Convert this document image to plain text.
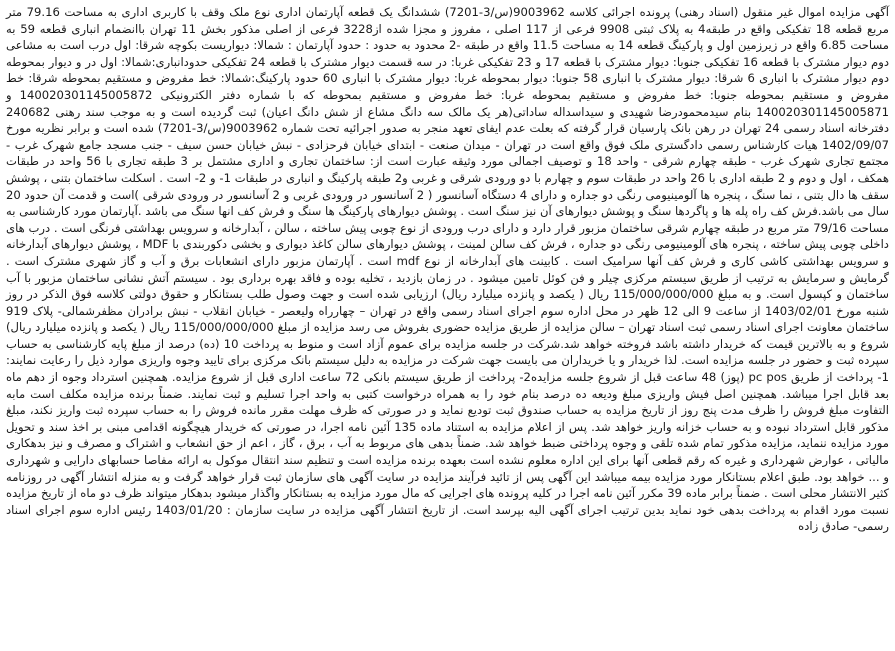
آگهی مزایده اموال غیر منقول (اسناد رهنی) پرونده اجرائی کلاسه 9003962(س/3-7201) ششدانگ یک قطعه آپارتمان اداری نوع ملک وقف با کاربری اداری به مساحت 79.16 متر مربع قطعه 18 تفکیکی واقع در طبقه4 به پلاک ثبتی 9908 فرعی از 117 اصلی ، مفروز و مجزا شده از3228 فرعی از اصلی مذکور بخش 11 تهران باانضمام انباری قطعه 59 به مساحت 6.85 واقع در زیرزمین اول و پارکینگ قطعه 14 به مساحت 11.5 واقع در طبقه -2 محدود به حدود : حدود آپارتمان : شمالا: دیواریست بکوچه شرقا: اول درب است به مشاعی دوم دیوار مشترک با قطعه 16 تفکیکی جنوبا: دیوار مشترک با قطعه 17 و 23 تفکیکی غربا: در سه قسمت دیوار مشترک با قطعه 24 تفکیکی حدودانباری:شمالا: اول در و دیوار بمحوطه دوم دیوار مشترک با انباری 6 شرقا: دیوار مشترک با انباری 58 جنوبا: دیوار بمحوطه غربا: دیوار مشترک با انباری 60 حدود پارکینگ:شمالا: خط مفروض و مستقیم بمحوطه شرقا: خط مفروض و مستقیم بمحوطه جنوبا: خط مفروض و مستقیم بمحوطه غربا: خط مفروض و مستقیم بمحوطه که با شماره دفتر الکترونیکی 140020301145005872 و 140020301145005871 بنام سیدمحمودرضا شهیدی و سیداسداله ساداتی(هر یک مالک سه دانگ مشاع از شش دانگ اعیان) ثبت گردیده است و به موجب سند رهنی 240682 دفترخانه اسناد رسمی 24 تهران در رهن بانک پارسیان قرار گرفته که بعلت عدم ایفای تعهد منجر به صدور اجرائیه تحت شماره 9003962(س/3-7201) شده است و برابر نظریه مورخ 1402/09/07 هیات کارشناس رسمی دادگستری ملک فوق واقع است در تهران - میدان صنعت - ابتدای خیابان فرحزادی - نبش خیابان حسن سیف - جنب مسجد جامع شهرک غرب - مجتمع تجاری شهرک غرب - طبقه چهارم شرقی - واحد 18 و توصیف اجمالی مورد وثیقه عبارت است از: ساختمان تجاری و اداری مشتمل بر 3 طبقه تجاری با 56 واحد در طبقات همکف ، اول و دوم و 2 طبقه اداری با 26 واحد در طبقات سوم و چهارم با دو ورودی شرقی و غربی و2 طبقه پارکینگ و انباری در طبقات 1- و 2- است . اسکلت ساختمان بتنی ، پوشش سقف ها دال بتنی ، نما سنگ ، پنجره ها آلومینیومی رنگی دو جداره و دارای 4 دستگاه آسانسور ( 2 آسانسور در ورودی غربی و 2 آسانسور در ورودی شرقی )است و قدمت آن حدود 20 سال می باشد.فرش کف راه پله ها و پاگردها سنگ و پوشش دیوارهای آن نیز سنگ است . پوشش دیوارهای پارکینگ ها سنگ و فرش کف انها سنگ می باشد .آپارتمان مورد کارشناسی به مساحت 79/16 متر مربع در طبقه چهارم شرقی ساختمان مزبور قرار دارد و دارای درب ورودی از نوع چوبی پیش ساخته ، سالن ، آبدارخانه و سرویس بهداشتی فرنگی است . درب های داخلی چوبی پیش ساخته ، پنجره های آلومینیومی رنگی دو جداره ، فرش کف سالن لمینت ، پوشش دیوارهای سالن کاغذ دیواری و بخشی دکوربندی با MDF ، پوشش دیوارهای آبدارخانه و سرویس بهداشتی کاشی کاری و فرش کف آنها سرامیک است . کابینت های آبدارخانه از نوع mdf است . آپارتمان مزبور دارای انشعابات برق و آب و گاز شهری مشترک است . گرمایش و سرمایش به ترتیب از طریق سیستم مرکزی چیلر و فن کوئل تامین میشود . در زمان بازدید ، تخلیه بوده و فاقد بهره برداری بود . سیستم آتش نشانی ساختمان مزبور با آب ساختمان و کپسول است. و به مبلغ 115/000/000/000 ریال ( یکصد و پانزده میلیارد ریال) ارزیابی شده است و جهت وصول طلب بستانکار و حقوق دولتی کلاسه فوق الذکر در روز شنبه مورخ 1403/02/01 از ساعت 9 الی 12 ظهر در محل اداره سوم اجرای اسناد رسمی واقع در تهران – چهارراه ولیعصر - خیابان انقلاب - نبش برادران مظفرشمالی- پلاک 919 ساختمان معاونت اجرای اسناد رسمی ثبت اسناد تهران – سالن مزایده از طریق مزایده حضوری بفروش می رسد مزایده از مبلغ 115/000/000/000 ریال ( یکصد و پانزده میلیارد ریال) شروع و به بالاترین قیمت که خریدار داشته باشد فروخته خواهد شد.شرکت در جلسه مزایده برای عموم آزاد است و منوط به پرداخت 10 (ده) درصد از مبلغ پایه کارشناسی به حساب سپرده ثبت و حضور در جلسه مزایده است. لذا خریدار و یا خریداران می بایست جهت شرکت در مزایده به دلیل سیستم بانک مرکزی برای تایید وجوه واریزی موارد ذیل را رعایت نمایند: 1- پرداخت از طریق pc pos (پوز) 48 ساعت قبل از شروع جلسه مزایده2- پرداخت از طریق سیستم بانکی 72 ساعت اداری قبل از شروع مزایده. همچنین استرداد وجوه از دهم ماه بعد قابل اجرا میباشد. همچنین اصل فیش واریزی مبلغ ودیعه ده درصد بنام خود را به همراه درخواست کتبی به واحد اجرا تسلیم و ثبت نمایند. ضمناً برنده مزایده مکلف است مابه التفاوت مبلغ فروش را ظرف مدت پنج روز از تاریخ مزایده به حساب صندوق ثبت تودیع نماید و در صورتی که ظرف مهلت مقرر مانده فروش را به حساب سپرده ثبت واریز نکند، مبلغ مذکور قابل استرداد نبوده و به حساب خزانه واریز خواهد شد. پس از اعلام مزایده به استناد ماده 135 آئین نامه اجرا، در صورتی که خریدار هیچگونه اقدامی مبنی بر اخذ سند و تحویل مورد مزایده ننماید، مزایده مذکور تمام شده تلقی و وجوه پرداختی ضبط خواهد شد. ضمناً بدهی های مربوط به آب ، برق ، گاز ، اعم از حق انشعاب و اشتراک و مصرف و نیز بدهکاری مالیاتی ، عوارض شهرداری و غیره که رقم قطعی آنها برای این اداره معلوم نشده است بعهده برنده مزایده است و تنظیم سند انتقال موکول به ارائه مفاصا حسابهای دارایی و شهرداری و ... خواهد بود. طبق اعلام بستانکار مورد مزایده بیمه میباشد این آگهی پس از تائید فرآیند مزایده در سایت آگهی های سازمان ثبت قرار خواهد گرفت و به منزله انتشار آگهی در روزنامه کثیر الانتشار محلی است . ضمناً برابر ماده 39 مکرر آئین نامه اجرا در کلیه پرونده های اجرایی که مال مورد مزایده به بستانکار واگذار میشود بدهکار میتواند ظرف دو ماه از تاریخ مزایده نسبت مورد اقدام به پرداخت بدهی خود نماید بدین ترتیب اجرای آگهی الیه بپرسد است. از تاریخ انتشار آگهی مزایده در سایت سازمان : 1403/01/20 رئیس اداره سوم اجرای اسناد رسمی- صادق زاده
